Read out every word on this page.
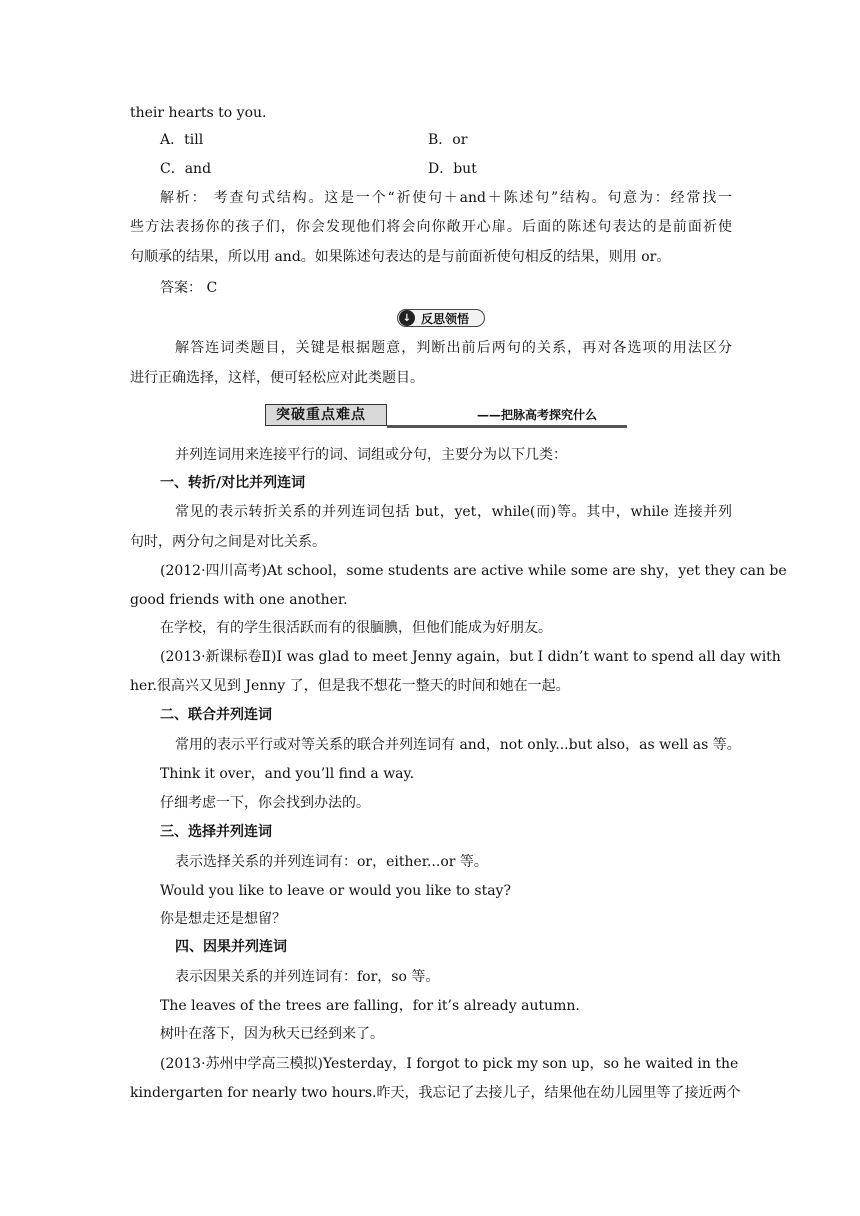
their hearts to you.
A．till	B．or
C．and	D．but
解析： 考查句式结构。这是一个“祈使句＋and＋陈述句”结构。句意为：经常找一
些方法表扬你的孩子们，你会发现他们将会向你敞开心扉。后面的陈述句表达的是前面祈使
句顺承的结果，所以用 and。如果陈述句表达的是与前面祈使句相反的结果，则用 or。
答案： C
↓ 反思领悟
解答连词类题目，关键是根据题意，判断出前后两句的关系，再对各选项的用法区分
进行正确选择，这样，便可轻松应对此类题目。
突破重点难点	——把脉高考探究什么
并列连词用来连接平行的词、词组或分句，主要分为以下几类：
一、转折/对比并列连词
常见的表示转折关系的并列连词包括 but，yet，while(而)等。其中，while 连接并列
句时，两分句之间是对比关系。
(2012·四川高考)At school，some students are active while some are shy，yet they can be
good friends with one another.
在学校，有的学生很活跃而有的很腼腆，但他们能成为好朋友。
(2013·新课标卷Ⅱ)I was glad to meet Jenny again，but I didn’t want to spend all day with
her.很高兴又见到 Jenny 了，但是我不想花一整天的时间和她在一起。
二、联合并列连词
常用的表示平行或对等关系的联合并列连词有 and，not only...but also，as well as 等。
Think it over，and you’ll find a way.
仔细考虑一下，你会找到办法的。
三、选择并列连词
表示选择关系的并列连词有：or，either...or 等。
Would you like to leave or would you like to stay?
你是想走还是想留？
四、因果并列连词
表示因果关系的并列连词有：for，so 等。
The leaves of the trees are falling，for it’s already autumn.
树叶在落下，因为秋天已经到来了。
(2013·苏州中学高三模拟)Yesterday，I forgot to pick my son up，so he waited in the
kindergarten for nearly two hours.昨天，我忘记了去接儿子，结果他在幼儿园里等了接近两个
